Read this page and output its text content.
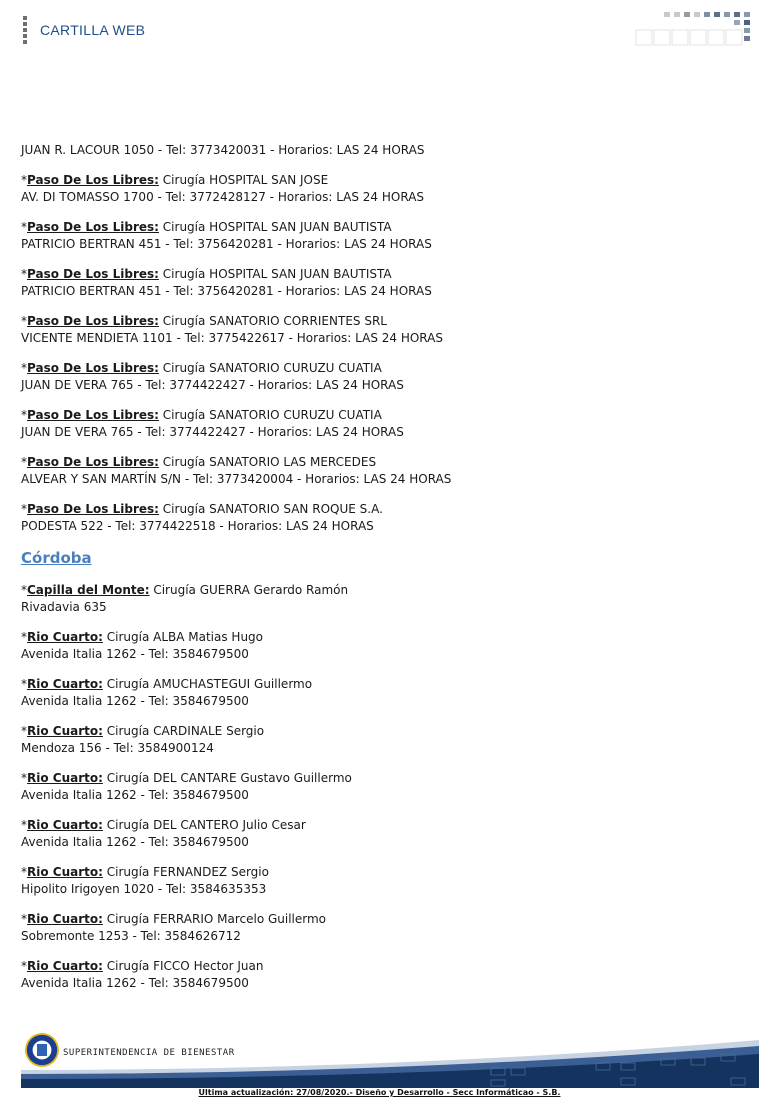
CARTILLA WEB
JUAN R. LACOUR 1050 - Tel: 3773420031 - Horarios: LAS 24 HORAS
*Paso De Los Libres: Cirugía HOSPITAL SAN JOSE
AV. DI TOMASSO 1700 - Tel: 3772428127 - Horarios: LAS 24 HORAS
*Paso De Los Libres: Cirugía HOSPITAL SAN JUAN BAUTISTA
PATRICIO BERTRAN 451 - Tel: 3756420281 - Horarios: LAS 24 HORAS
*Paso De Los Libres: Cirugía HOSPITAL SAN JUAN BAUTISTA
PATRICIO BERTRAN 451 - Tel: 3756420281 - Horarios: LAS 24 HORAS
*Paso De Los Libres: Cirugía SANATORIO CORRIENTES SRL
VICENTE MENDIETA 1101 - Tel: 3775422617 - Horarios: LAS 24 HORAS
*Paso De Los Libres: Cirugía SANATORIO CURUZU CUATIA
JUAN DE VERA 765 - Tel: 3774422427 - Horarios: LAS 24 HORAS
*Paso De Los Libres: Cirugía SANATORIO CURUZU CUATIA
JUAN DE VERA 765 - Tel: 3774422427 - Horarios: LAS 24 HORAS
*Paso De Los Libres: Cirugía SANATORIO LAS MERCEDES
ALVEAR Y SAN MARTÍN S/N - Tel: 3773420004 - Horarios: LAS 24 HORAS
*Paso De Los Libres: Cirugía SANATORIO SAN ROQUE S.A.
PODESTA 522 - Tel: 3774422518 - Horarios: LAS 24 HORAS
Córdoba
*Capilla del Monte: Cirugía GUERRA Gerardo Ramón
Rivadavia 635
*Rio Cuarto: Cirugía ALBA Matias Hugo
Avenida Italia 1262 - Tel: 3584679500
*Rio Cuarto: Cirugía AMUCHASTEGUI Guillermo
Avenida Italia 1262 - Tel: 3584679500
*Rio Cuarto: Cirugía CARDINALE Sergio
Mendoza 156 - Tel: 3584900124
*Rio Cuarto: Cirugía DEL CANTARE Gustavo Guillermo
Avenida Italia 1262 - Tel: 3584679500
*Rio Cuarto: Cirugía DEL CANTERO Julio Cesar
Avenida Italia 1262 - Tel: 3584679500
*Rio Cuarto: Cirugía FERNANDEZ Sergio
Hipolito Irigoyen 1020 - Tel: 3584635353
*Rio Cuarto: Cirugía FERRARIO Marcelo Guillermo
Sobremonte 1253 - Tel: 3584626712
*Rio Cuarto: Cirugía FICCO Hector Juan
Avenida Italia 1262 - Tel: 3584679500
SUPERINTENDENCIA DE BIENESTAR
Ultima actualización: 27/08/2020.- Diseño y Desarrollo - Secc Informáticao - S.B.
